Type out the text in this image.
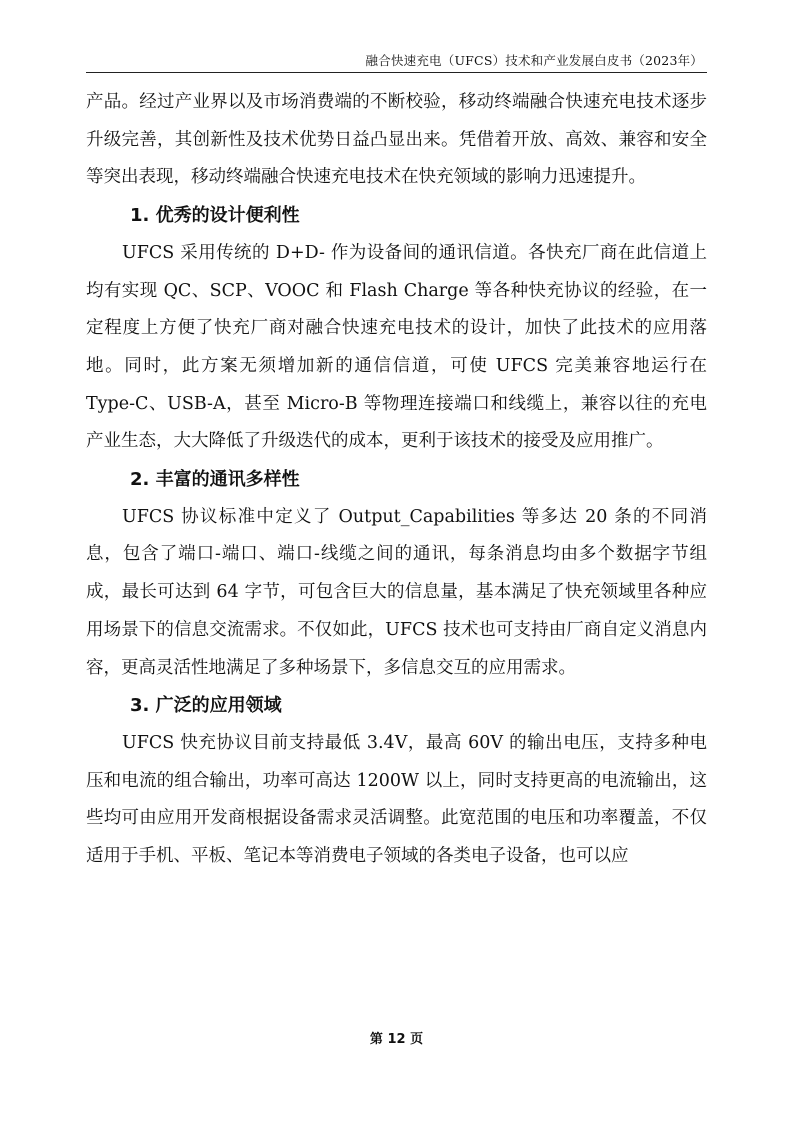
融合快速充电（UFCS）技术和产业发展白皮书（2023年）

产品。经过产业界以及市场消费端的不断校验，移动终端融合快速充电技术逐步升级完善，其创新性及技术优势日益凸显出来。凭借着开放、高效、兼容和安全等突出表现，移动终端融合快速充电技术在快充领域的影响力迅速提升。

1. 优秀的设计便利性

UFCS 采用传统的 D+D- 作为设备间的通讯信道。各快充厂商在此信道上均有实现 QC、SCP、VOOC 和 Flash Charge 等各种快充协议的经验，在一定程度上方便了快充厂商对融合快速充电技术的设计，加快了此技术的应用落地。同时，此方案无须增加新的通信信道，可使 UFCS 完美兼容地运行在 Type-C、USB-A，甚至 Micro-B 等物理连接端口和线缆上，兼容以往的充电产业生态，大大降低了升级迭代的成本，更利于该技术的接受及应用推广。

2. 丰富的通讯多样性

UFCS 协议标准中定义了 Output_Capabilities 等多达 20 条的不同消息，包含了端口-端口、端口-线缆之间的通讯，每条消息均由多个数据字节组成，最长可达到 64 字节，可包含巨大的信息量，基本满足了快充领域里各种应用场景下的信息交流需求。不仅如此，UFCS 技术也可支持由厂商自定义消息内容，更高灵活性地满足了多种场景下，多信息交互的应用需求。

3. 广泛的应用领域

UFCS 快充协议目前支持最低 3.4V，最高 60V 的输出电压，支持多种电压和电流的组合输出，功率可高达 1200W 以上，同时支持更高的电流输出，这些均可由应用开发商根据设备需求灵活调整。此宽范围的电压和功率覆盖，不仅适用于手机、平板、笔记本等消费电子领域的各类电子设备，也可以应

第 12 页
